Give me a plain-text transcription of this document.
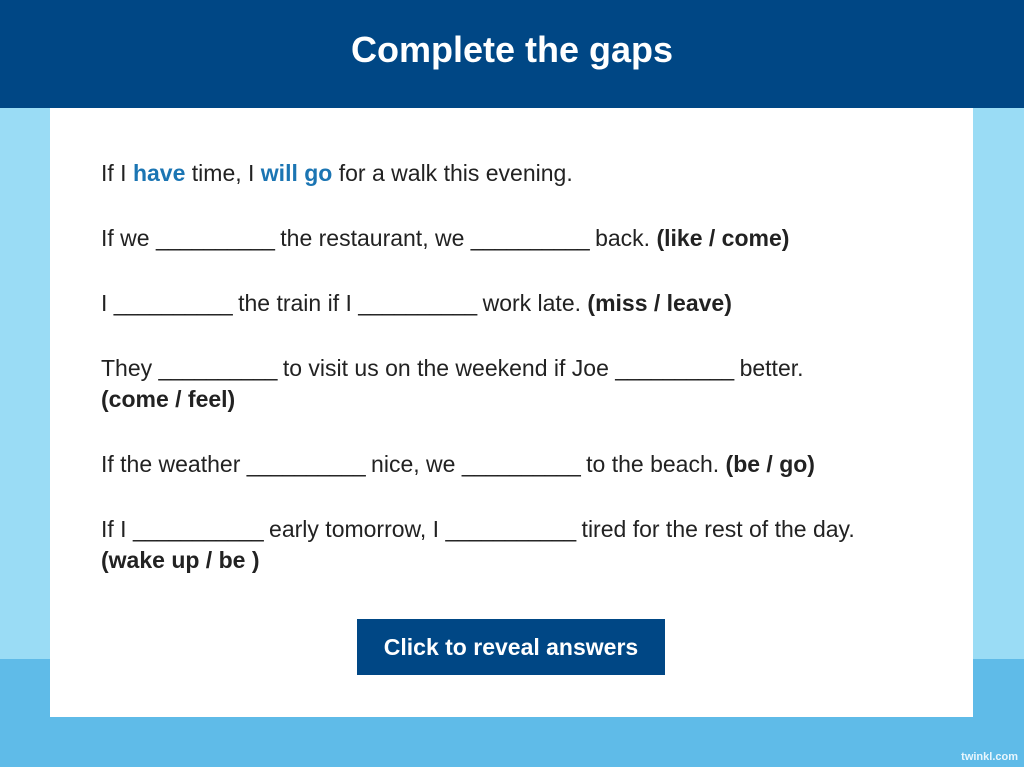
Complete the gaps

If I have time, I will go for a walk this evening.

If we __________ the restaurant, we __________ back. (like / come)

I __________ the train if I __________ work late. (miss / leave)

They __________ to visit us on the weekend if Joe __________ better.
(come / feel)

If the weather __________ nice, we __________ to the beach. (be / go)

If I ___________ early tomorrow, I ___________ tired for the rest of the day.
(wake up / be )

Click to reveal answers
twinkl.com
